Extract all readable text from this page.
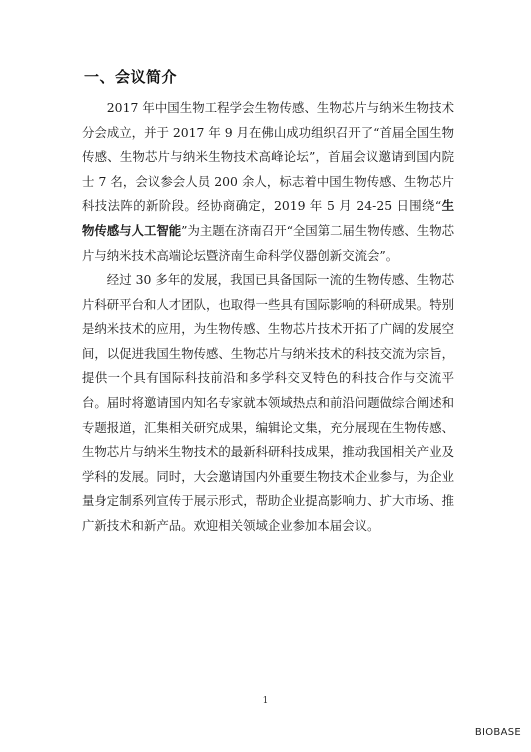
一、会议简介

2017 年中国生物工程学会生物传感、生物芯片与纳米生物技术分会成立，并于 2017 年 9 月在佛山成功组织召开了“首届全国生物传感、生物芯片与纳米生物技术高峰论坛”，首届会议邀请到国内院士 7 名，会议参会人员 200 余人，标志着中国生物传感、生物芯片科技法阵的新阶段。经协商确定，2019 年 5 月 24-25 日围绕“生物传感与人工智能”为主题在济南召开“全国第二届生物传感、生物芯片与纳米技术高端论坛暨济南生命科学仪器创新交流会”。

经过 30 多年的发展，我国已具备国际一流的生物传感、生物芯片科研平台和人才团队，也取得一些具有国际影响的科研成果。特别是纳米技术的应用，为生物传感、生物芯片技术开拓了广阔的发展空间，以促进我国生物传感、生物芯片与纳米技术的科技交流为宗旨，提供一个具有国际科技前沿和多学科交叉特色的科技合作与交流平台。届时将邀请国内知名专家就本领域热点和前沿问题做综合阐述和专题报道，汇集相关研究成果，编辑论文集，充分展现在生物传感、生物芯片与纳米生物技术的最新科研科技成果，推动我国相关产业及学科的发展。同时，大会邀请国内外重要生物技术企业参与，为企业量身定制系列宣传于展示形式，帮助企业提高影响力、扩大市场、推广新技术和新产品。欢迎相关领域企业参加本届会议。

1
BIOBASE
